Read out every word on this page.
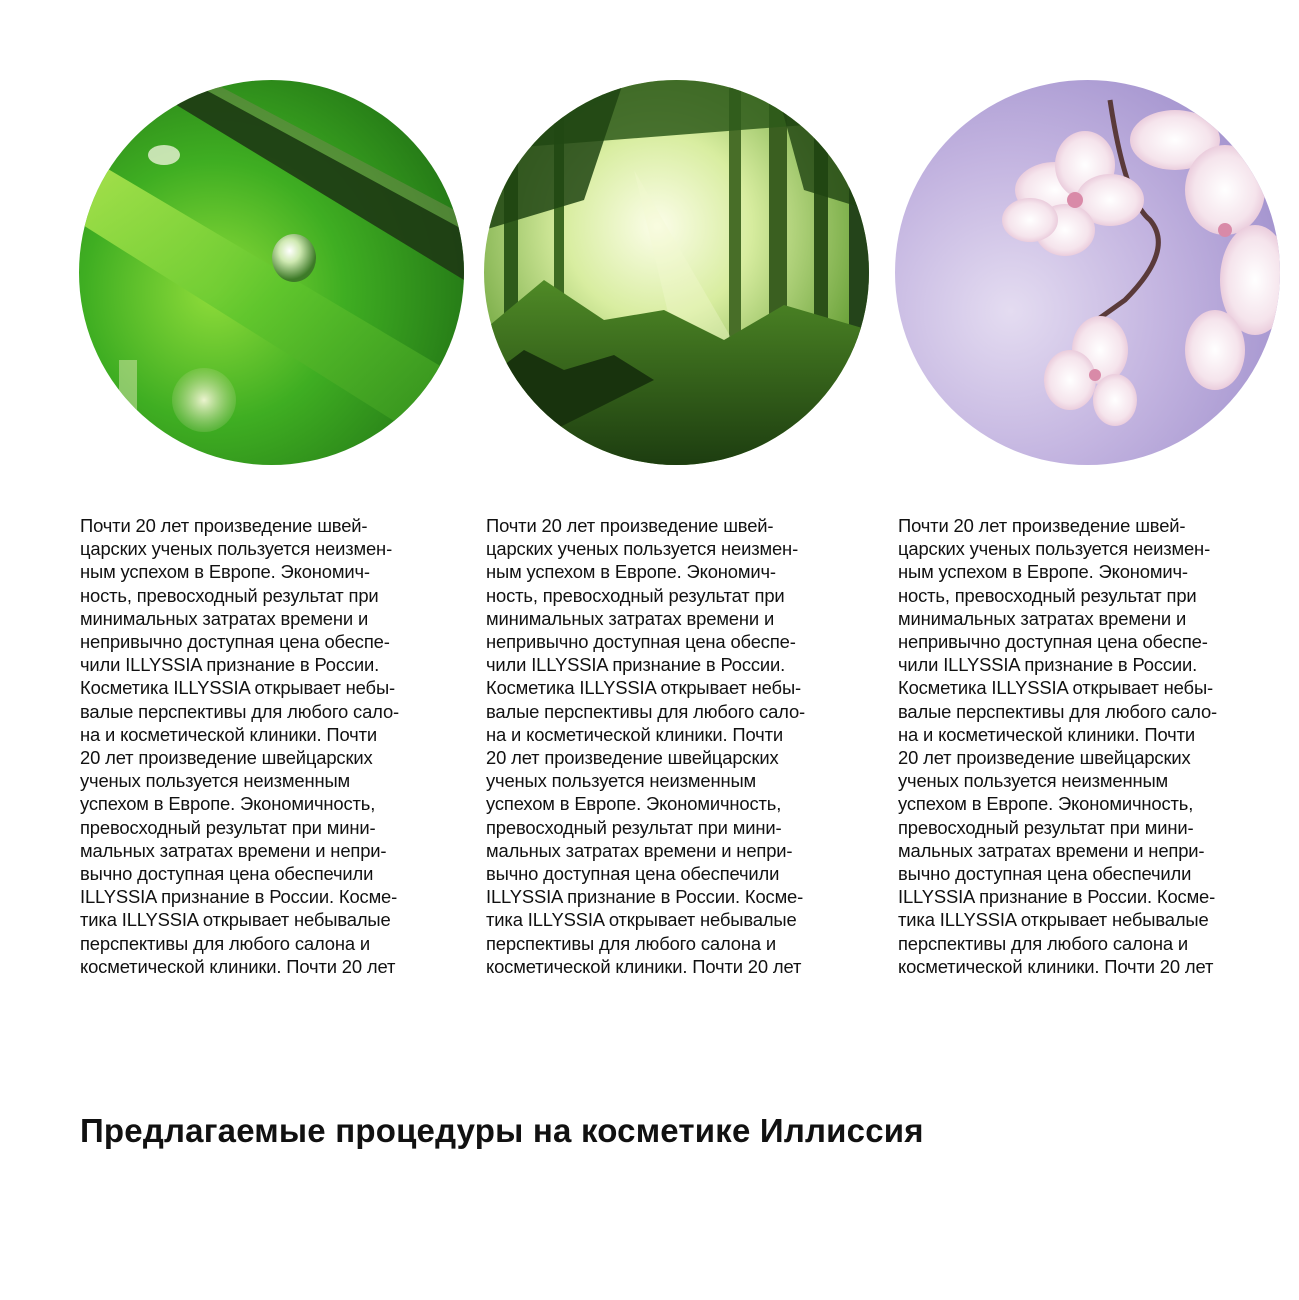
Почти 20 лет произведение швей-
царских ученых пользуется неизмен-
ным успехом в Европе. Экономич-
ность, превосходный результат при
минимальных затратах времени и
непривычно доступная цена обеспе-
чили ILLYSSIA признание в России.
Косметика ILLYSSIA открывает небы-
валые перспективы для любого сало-
на и косметической клиники. Почти
20 лет произведение швейцарских
ученых пользуется неизменным
успехом в Европе. Экономичность,
превосходный результат при мини-
мальных затратах времени и непри-
вычно доступная цена обеспечили
ILLYSSIA признание в России. Косме-
тика ILLYSSIA открывает небывалые
перспективы для любого салона и
косметической клиники. Почти 20 лет
Почти 20 лет произведение швей-
царских ученых пользуется неизмен-
ным успехом в Европе. Экономич-
ность, превосходный результат при
минимальных затратах времени и
непривычно доступная цена обеспе-
чили ILLYSSIA признание в России.
Косметика ILLYSSIA открывает небы-
валые перспективы для любого сало-
на и косметической клиники. Почти
20 лет произведение швейцарских
ученых пользуется неизменным
успехом в Европе. Экономичность,
превосходный результат при мини-
мальных затратах времени и непри-
вычно доступная цена обеспечили
ILLYSSIA признание в России. Косме-
тика ILLYSSIA открывает небывалые
перспективы для любого салона и
косметической клиники. Почти 20 лет
Почти 20 лет произведение швей-
царских ученых пользуется неизмен-
ным успехом в Европе. Экономич-
ность, превосходный результат при
минимальных затратах времени и
непривычно доступная цена обеспе-
чили ILLYSSIA признание в России.
Косметика ILLYSSIA открывает небы-
валые перспективы для любого сало-
на и косметической клиники. Почти
20 лет произведение швейцарских
ученых пользуется неизменным
успехом в Европе. Экономичность,
превосходный результат при мини-
мальных затратах времени и непри-
вычно доступная цена обеспечили
ILLYSSIA признание в России. Косме-
тика ILLYSSIA открывает небывалые
перспективы для любого салона и
косметической клиники. Почти 20 лет
Предлагаемые процедуры на косметике Иллиссия
